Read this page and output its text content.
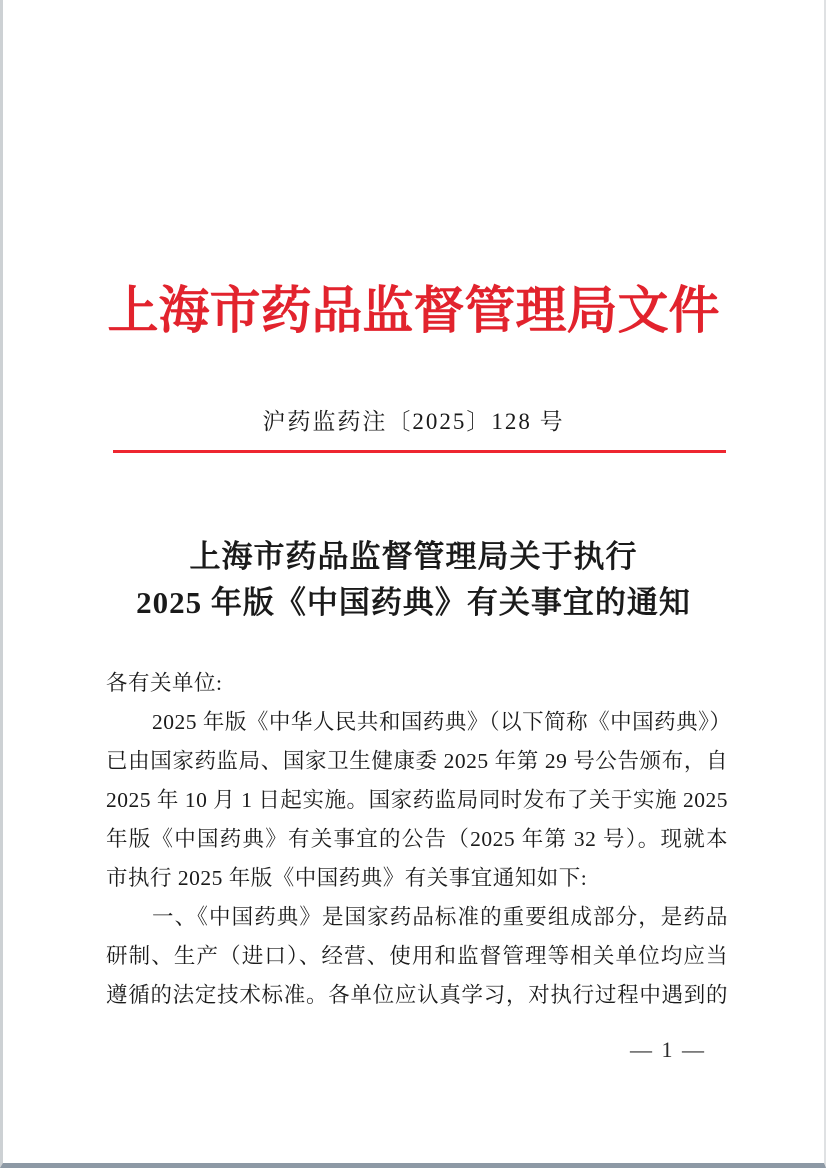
上海市药品监督管理局文件
沪药监药注〔2025〕128 号
上海市药品监督管理局关于执行
2025 年版《中国药典》有关事宜的通知
各有关单位:
2025 年版《中华人民共和国药典》（以下简称《中国药典》）
已由国家药监局、国家卫生健康委 2025 年第 29 号公告颁布，自
2025 年 10 月 1 日起实施。国家药监局同时发布了关于实施 2025
年版《中国药典》有关事宜的公告（2025 年第 32 号）。现就本
市执行 2025 年版《中国药典》有关事宜通知如下:
一、《中国药典》是国家药品标准的重要组成部分，是药品
研制、生产（进口）、经营、使用和监督管理等相关单位均应当
遵循的法定技术标准。各单位应认真学习，对执行过程中遇到的
— 1 —
